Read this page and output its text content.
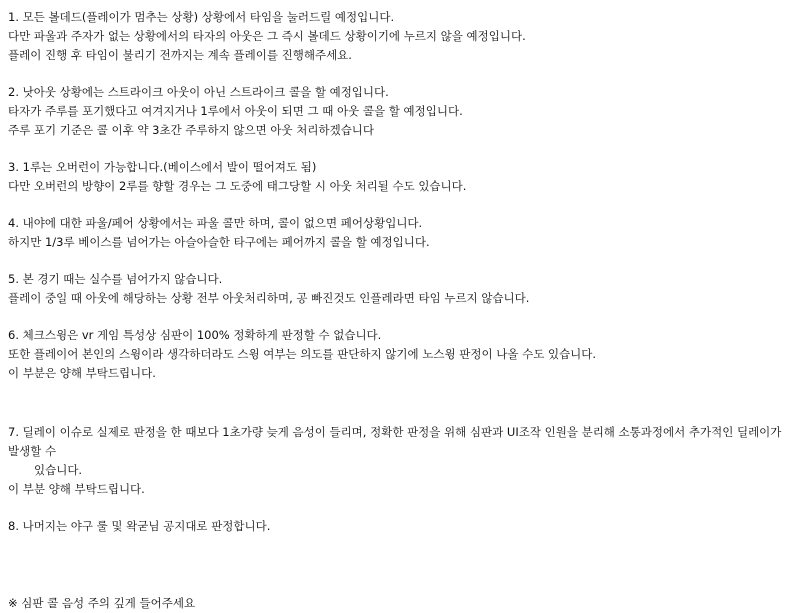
1. 모든 볼데드(플레이가 멈추는 상황) 상황에서 타임을 눌러드릴 예정입니다.
다만 파울과 주자가 없는 상황에서의 타자의 아웃은 그 즉시 볼데드 상황이기에 누르지 않을 예정입니다.
플레이 진행 후 타임이 불리기 전까지는 계속 플레이를 진행해주세요.
2. 낫아웃 상황에는 스트라이크 아웃이 아닌 스트라이크 콜을 할 예정입니다.
타자가 주루를 포기했다고 여겨지거나 1루에서 아웃이 되면 그 때 아웃 콜을 할 예정입니다.
주루 포기 기준은 콜 이후 약 3초간 주루하지 않으면 아웃 처리하겠습니다
3. 1루는 오버런이 가능합니다.(베이스에서 발이 떨어져도 됨)
다만 오버런의 방향이 2루를 향할 경우는 그 도중에 태그당할 시 아웃 처리될 수도 있습니다.
4. 내야에 대한 파울/페어 상황에서는 파울 콜만 하며, 콜이 없으면 페어상황입니다.
하지만 1/3루 베이스를 넘어가는 아슬아슬한 타구에는 페어까지 콜을 할 예정입니다.
5. 본 경기 때는 실수를 넘어가지 않습니다.
플레이 중일 때 아웃에 해당하는 상황 전부 아웃처리하며, 공 빠진것도 인플레라면 타임 누르지 않습니다.
6. 체크스윙은 vr 게임 특성상 심판이 100% 정확하게 판정할 수 없습니다.
또한 플레이어 본인의 스윙이라 생각하더라도 스윙 여부는 의도를 판단하지 않기에 노스윙 판정이 나올 수도 있습니다.
이 부분은 양해 부탁드립니다.
7. 딜레이 이슈로 실제로 판정을 한 때보다 1초가량 늦게 음성이 들리며, 정확한 판정을 위해 심판과 UI조작 인원을 분리해 소통과정에서 추가적인 딜레이가 발생할 수
있습니다.
이 부분 양해 부탁드립니다.
8. 나머지는 야구 룰 및 왁굳님 공지대로 판정합니다.
※ 심판 콜 음성 주의 깊게 들어주세요
